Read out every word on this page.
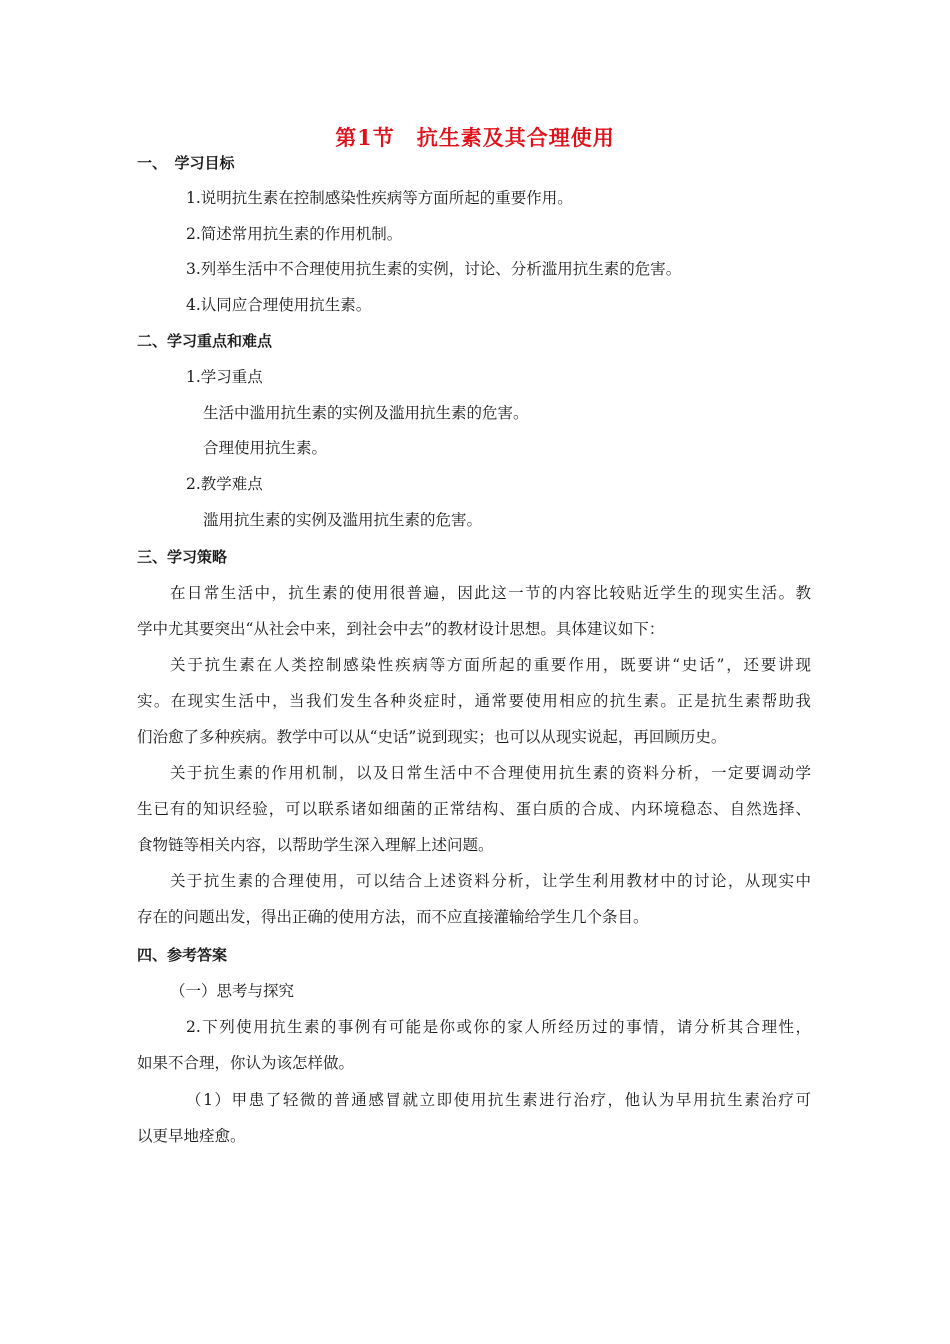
第1节　抗生素及其合理使用
一、　学习目标
1.说明抗生素在控制感染性疾病等方面所起的重要作用。
2.简述常用抗生素的作用机制。
3.列举生活中不合理使用抗生素的实例，讨论、分析滥用抗生素的危害。
4.认同应合理使用抗生素。
二、学习重点和难点
1.学习重点
生活中滥用抗生素的实例及滥用抗生素的危害。
合理使用抗生素。
2.教学难点
滥用抗生素的实例及滥用抗生素的危害。
三、学习策略
在日常生活中，抗生素的使用很普遍，因此这一节的内容比较贴近学生的现实生活。教
学中尤其要突出“从社会中来，到社会中去”的教材设计思想。具体建议如下：
关于抗生素在人类控制感染性疾病等方面所起的重要作用，既要讲“史话”，还要讲现
实。在现实生活中，当我们发生各种炎症时，通常要使用相应的抗生素。正是抗生素帮助我
们治愈了多种疾病。教学中可以从“史话”说到现实；也可以从现实说起，再回顾历史。
关于抗生素的作用机制，以及日常生活中不合理使用抗生素的资料分析，一定要调动学
生已有的知识经验，可以联系诸如细菌的正常结构、蛋白质的合成、内环境稳态、自然选择、
食物链等相关内容，以帮助学生深入理解上述问题。
关于抗生素的合理使用，可以结合上述资料分析，让学生利用教材中的讨论，从现实中
存在的问题出发，得出正确的使用方法，而不应直接灌输给学生几个条目。
四、参考答案
（一）思考与探究
2.下列使用抗生素的事例有可能是你或你的家人所经历过的事情，请分析其合理性，
如果不合理，你认为该怎样做。
（1）甲患了轻微的普通感冒就立即使用抗生素进行治疗，他认为早用抗生素治疗可
以更早地痊愈。
